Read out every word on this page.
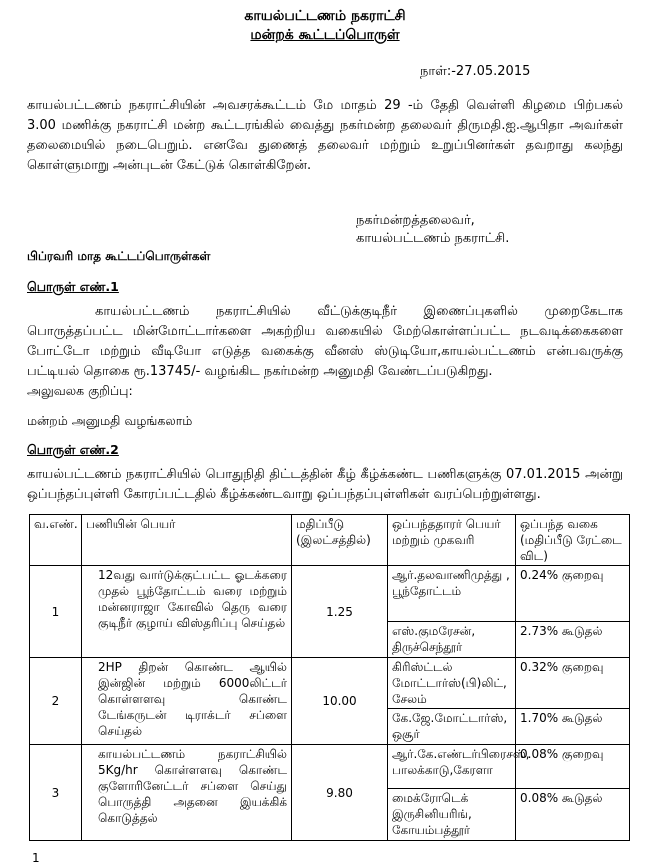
காயல்பட்டணம் நகராட்சி
மன்றக் கூட்டப்பொருள்
நாள்:-27.05.2015
காயல்பட்டணம் நகராட்சியின் அவசரக்கூட்டம் மே மாதம் 29 -ம் தேதி வெள்ளி கிழமை பிற்பகல் 3.00 மணிக்கு நகராட்சி மன்ற கூட்டரங்கில் வைத்து நகர்மன்ற தலைவர் திருமதி.ஐ.ஆபிதா அவர்கள் தலைமையில் நடைபெறும். எனவே துணைத் தலைவர் மற்றும் உறுப்பினர்கள் தவறாது கலந்து கொள்ளுமாறு அன்புடன் கேட்டுக் கொள்கிறேன்.
நகர்மன்றத்தலைவர்,
காயல்பட்டணம் நகராட்சி.
பிப்ரவரி மாத கூட்டப்பொருள்கள்
பொருள் எண்.1
காயல்பட்டணம் நகராட்சியில் வீட்டுக்குடிநீர் இணைப்புகளில் முறைகேடாக பொருத்தப்பட்ட மின்மோட்டார்களை அகற்றிய வகையில் மேற்கொள்ளப்பட்ட நடவடிக்கைகளை போட்டோ மற்றும் வீடியோ எடுத்த வகைக்கு வீனஸ் ஸ்டுடியோ,காயல்பட்டணம் என்பவருக்கு பட்டியல் தொகை ரூ.13745/- வழங்கிட நகர்மன்ற அனுமதி வேண்டப்படுகிறது.
அலுவலக குறிப்பு:
மன்றம் அனுமதி வழங்கலாம்
பொருள் எண்.2
காயல்பட்டணம் நகராட்சியில் பொதுநிதி திட்டத்தின் கீழ் கீழ்க்கண்ட பணிகளுக்கு 07.01.2015 அன்று ஒப்பந்தப்புள்ளி கோரப்பட்டதில் கீழ்க்கண்டவாறு ஒப்பந்தப்புள்ளிகள் வரப்பெற்றுள்ளது.
வ.எண்.	பணியின் பெயர்	மதிப்பீடு (இலட்சத்தில்)	ஒப்பந்ததாரர் பெயர் மற்றும் முகவரி	ஒப்பந்த வகை (மதிப்பீடு ரேட்டை விட)
1	12வது வார்டுக்குட்பட்ட ஓடக்கரை முதல் பூந்தோட்டம் வரை மற்றும் மன்னராஜா கோவில் தெரு வரை குடிநீர் குழாய் விஸ்தரிப்பு செய்தல்	1.25	ஆர்.தலவாணிமுத்து , பூந்தோட்டம்	0.24% குறைவு
			எஸ்.குமரேசன், திருச்செந்தூர்	2.73% கூடுதல்
2	2HP திறன் கொண்ட ஆயில் இன்ஜின் மற்றும் 6000லிட்டர் கொள்ளளவு கொண்ட டேங்கருடன் டிராக்டர் சப்ளை செய்தல்	10.00	கிரிஸ்ட்டல் மோட்டார்ஸ்(பி)லிட், சேலம்	0.32% குறைவு
			கே.ஜே.மோட்டார்ஸ், ஒசூர்	1.70% கூடுதல்
3	காயல்பட்டணம் நகராட்சியில் 5Kg/hr கொள்ளளவு கொண்ட குளோரினேட்டர் சப்ளை செய்து பொருத்தி அதனை இயக்கிக் கொடுத்தல்	9.80	ஆர்.கே.எண்டர்பிரைசஸ், பாலக்காடு,கேரளா	0.08% குறைவு
			மைக்ரோடெக் இருசினியரிங், கோயம்பத்தூர்	0.08% கூடுதல்
1
